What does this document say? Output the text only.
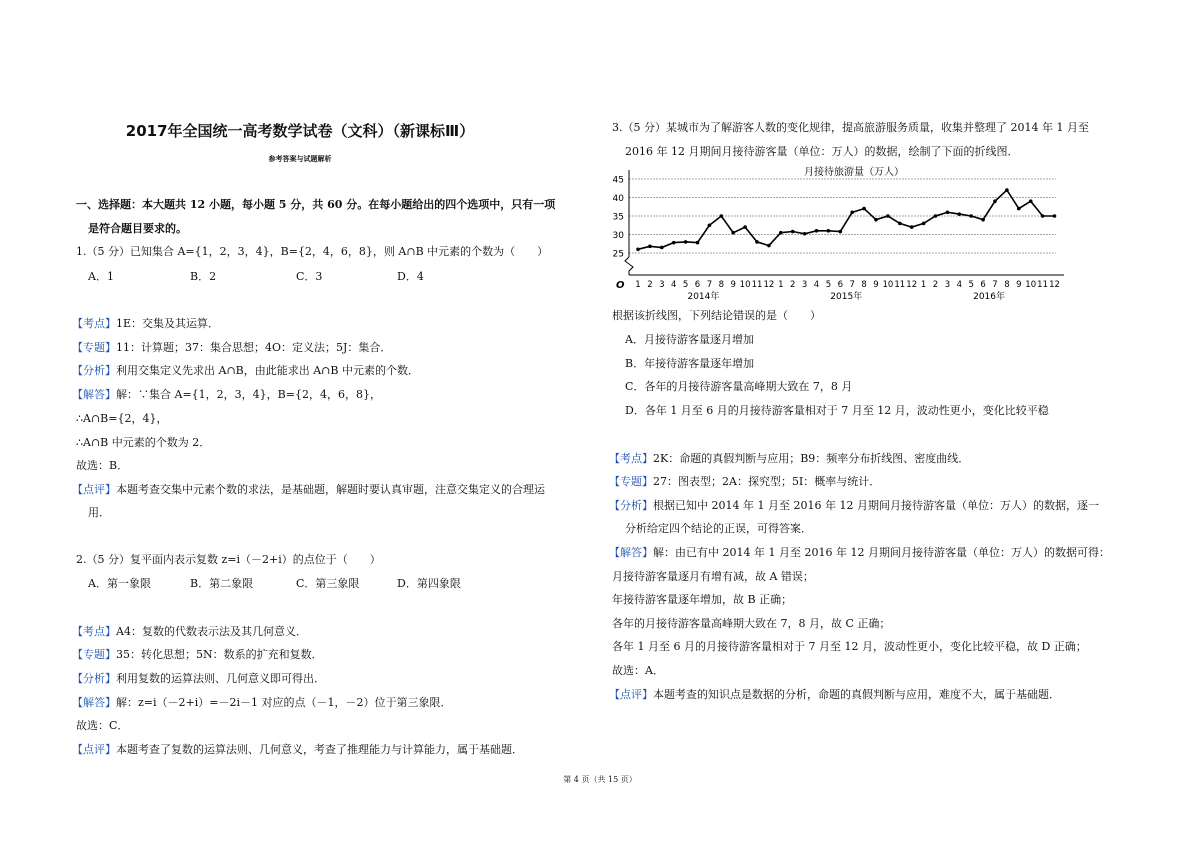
2017年全国统一高考数学试卷（文科）（新课标Ⅲ）
参考答案与试题解析
一、选择题：本大题共 12 小题，每小题 5 分，共 60 分。在每小题给出的四个选项中，只有一项
是符合题目要求的。
1.（5 分）已知集合 A={1，2，3，4}，B={2，4，6，8}，则 A∩B 中元素的个数为（　　）
A．1	B．2	C．3	D．4
【考点】1E：交集及其运算．
【专题】11：计算题；37：集合思想；4O：定义法；5J：集合．
【分析】利用交集定义先求出 A∩B，由此能求出 A∩B 中元素的个数．
【解答】解：∵集合 A={1，2，3，4}，B={2，4，6，8}，
∴A∩B={2，4}，
∴A∩B 中元素的个数为 2．
故选：B．
【点评】本题考查交集中元素个数的求法，是基础题，解题时要认真审题，注意交集定义的合理运
用．
2.（5 分）复平面内表示复数 z=i（－2+i）的点位于（　　）
A．第一象限	B．第二象限	C．第三象限	D．第四象限
【考点】A4：复数的代数表示法及其几何意义．
【专题】35：转化思想；5N：数系的扩充和复数．
【分析】利用复数的运算法则、几何意义即可得出．
【解答】解：z=i（－2+i）=－2i－1 对应的点（－1，－2）位于第三象限．
故选：C．
【点评】本题考查了复数的运算法则、几何意义，考查了推理能力与计算能力，属于基础题．
3.（5 分）某城市为了解游客人数的变化规律，提高旅游服务质量，收集并整理了 2014 年 1 月至
2016 年 12 月期间月接待游客量（单位：万人）的数据，绘制了下面的折线图．
月接待旅游量（万人）
25
30
35
40
45
1 2 3 4 5 6 7 8 9 10 11 12 1 2 3 4 5 6 7 8 9 10 11 12 1 2 3 4 5 6 7 8 9 10 11 12
2014年	2015年	2016年
O
根据该折线图，下列结论错误的是（　　）
A．月接待游客量逐月增加
B．年接待游客量逐年增加
C．各年的月接待游客量高峰期大致在 7，8 月
D．各年 1 月至 6 月的月接待游客量相对于 7 月至 12 月，波动性更小，变化比较平稳
【考点】2K：命题的真假判断与应用；B9：频率分布折线图、密度曲线．
【专题】27：图表型；2A：探究型；5I：概率与统计．
【分析】根据已知中 2014 年 1 月至 2016 年 12 月期间月接待游客量（单位：万人）的数据，逐一
分析给定四个结论的正误，可得答案．
【解答】解：由已有中 2014 年 1 月至 2016 年 12 月期间月接待游客量（单位：万人）的数据可得：
月接待游客量逐月有增有减，故 A 错误；
年接待游客量逐年增加，故 B 正确；
各年的月接待游客量高峰期大致在 7，8 月，故 C 正确；
各年 1 月至 6 月的月接待游客量相对于 7 月至 12 月，波动性更小，变化比较平稳，故 D 正确；
故选：A．
【点评】本题考查的知识点是数据的分析，命题的真假判断与应用，难度不大，属于基础题．
第 4 页（共 15 页）
